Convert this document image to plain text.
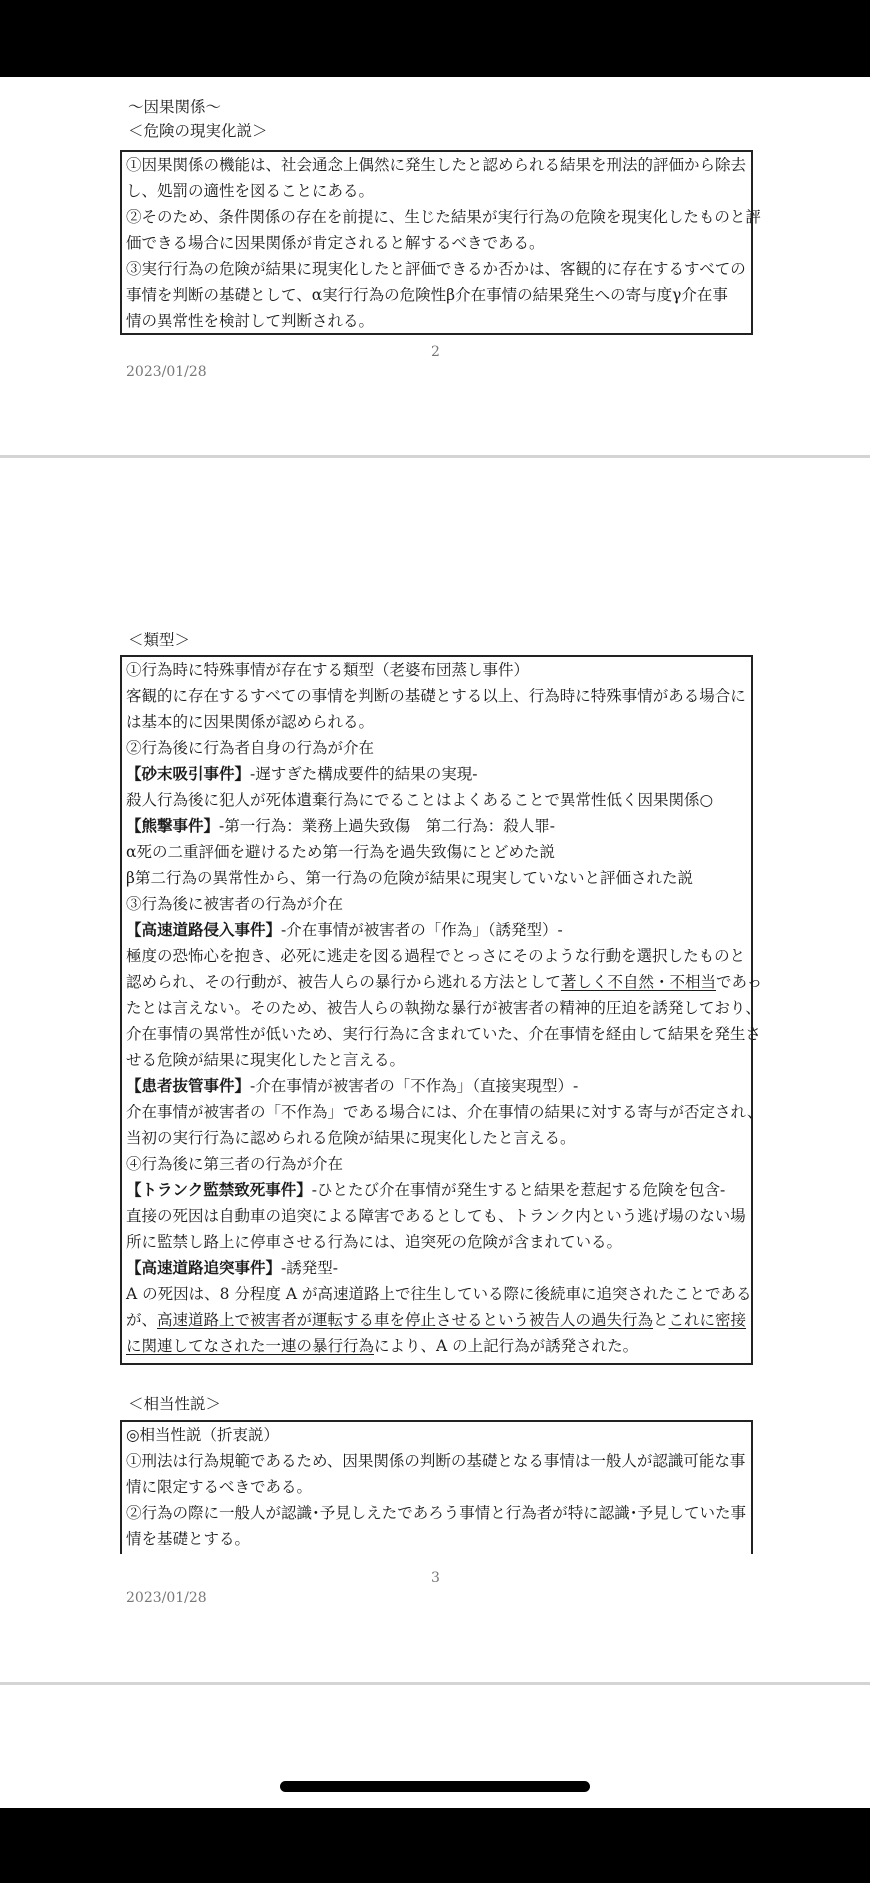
〜因果関係〜
＜危険の現実化説＞
①因果関係の機能は、社会通念上偶然に発生したと認められる結果を刑法的評価から除去
し、処罰の適性を図ることにある。
②そのため、条件関係の存在を前提に、生じた結果が実行行為の危険を現実化したものと評
価できる場合に因果関係が肯定されると解するべきである。
③実行行為の危険が結果に現実化したと評価できるか否かは、客観的に存在するすべての
事情を判断の基礎として、α実行行為の危険性β介在事情の結果発生への寄与度γ介在事
情の異常性を検討して判断される。
2
2023/01/28
＜類型＞
①行為時に特殊事情が存在する類型（老婆布団蒸し事件）
客観的に存在するすべての事情を判断の基礎とする以上、行為時に特殊事情がある場合に
は基本的に因果関係が認められる。
②行為後に行為者自身の行為が介在
【砂末吸引事件】-遅すぎた構成要件的結果の実現-
殺人行為後に犯人が死体遺棄行為にでることはよくあることで異常性低く因果関係○
【熊撃事件】-第一行為：業務上過失致傷　第二行為：殺人罪-
α死の二重評価を避けるため第一行為を過失致傷にとどめた説
β第二行為の異常性から、第一行為の危険が結果に現実していないと評価された説
③行為後に被害者の行為が介在
【高速道路侵入事件】-介在事情が被害者の「作為」（誘発型）-
極度の恐怖心を抱き、必死に逃走を図る過程でとっさにそのような行動を選択したものと
認められ、その行動が、被告人らの暴行から逃れる方法として著しく不自然・不相当であっ
たとは言えない。そのため、被告人らの執拗な暴行が被害者の精神的圧迫を誘発しており、
介在事情の異常性が低いため、実行行為に含まれていた、介在事情を経由して結果を発生さ
せる危険が結果に現実化したと言える。
【患者抜管事件】-介在事情が被害者の「不作為」（直接実現型）-
介在事情が被害者の「不作為」である場合には、介在事情の結果に対する寄与が否定され、
当初の実行行為に認められる危険が結果に現実化したと言える。
④行為後に第三者の行為が介在
【トランク監禁致死事件】-ひとたび介在事情が発生すると結果を惹起する危険を包含-
直接の死因は自動車の追突による障害であるとしても、トランク内という逃げ場のない場
所に監禁し路上に停車させる行為には、追突死の危険が含まれている。
【高速道路追突事件】-誘発型-
A の死因は、8 分程度 A が高速道路上で往生している際に後続車に追突されたことである
が、高速道路上で被害者が運転する車を停止させるという被告人の過失行為とこれに密接
に関連してなされた一連の暴行行為により、A の上記行為が誘発された。
＜相当性説＞
◎相当性説（折衷説）
①刑法は行為規範であるため、因果関係の判断の基礎となる事情は一般人が認識可能な事
情に限定するべきである。
②行為の際に一般人が認識･予見しえたであろう事情と行為者が特に認識･予見していた事
情を基礎とする。
3
2023/01/28
